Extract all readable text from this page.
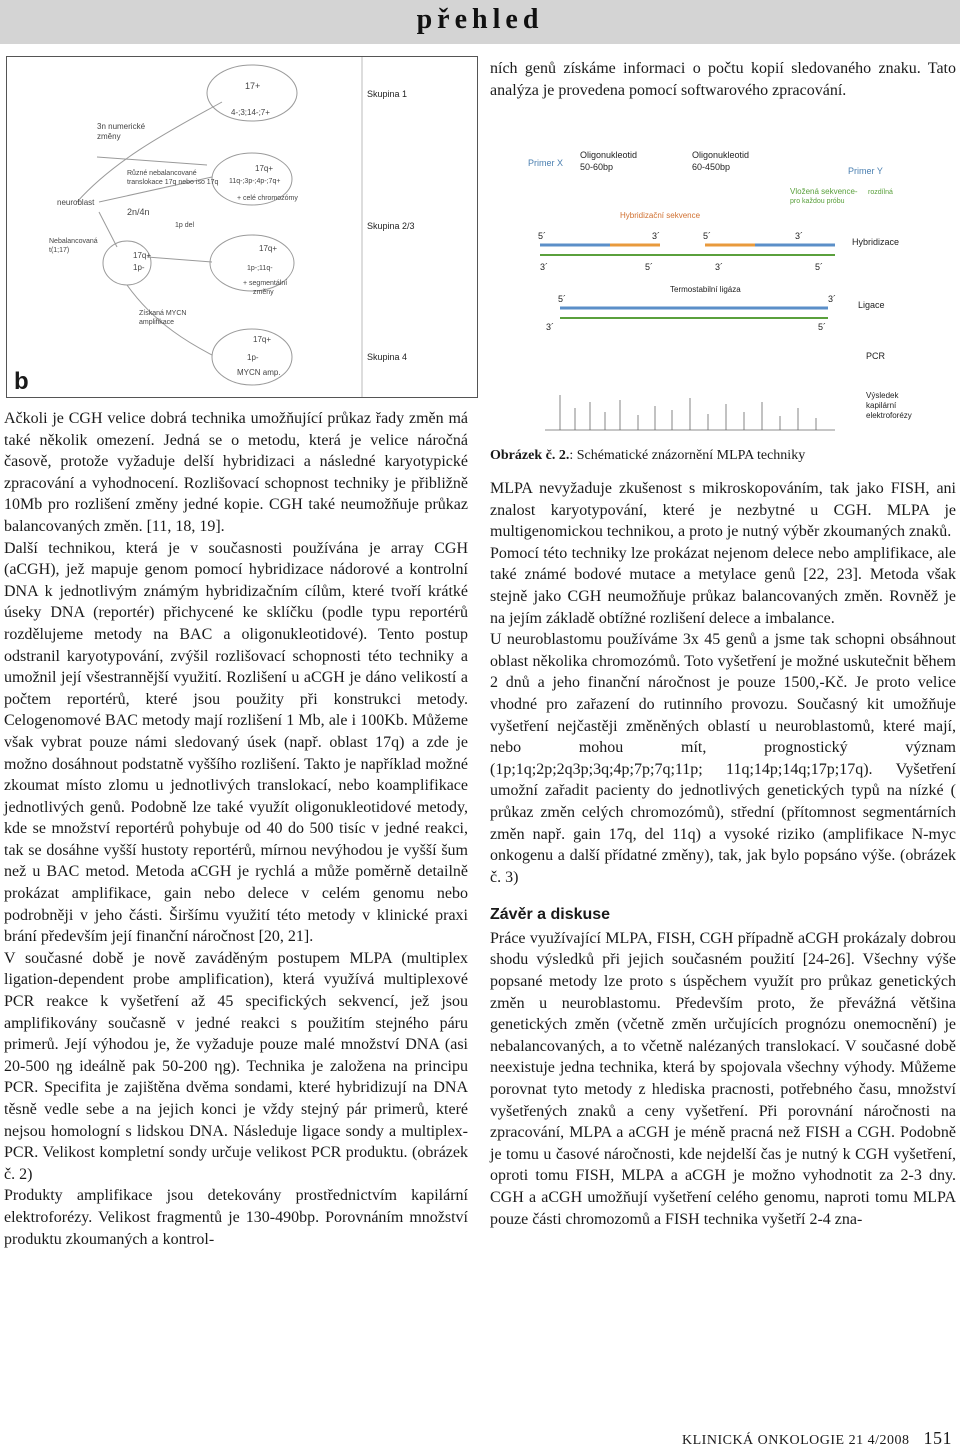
přehled
Skupina 1
Skupina 2/3
Skupina 4
17+
4-;3;14-;7+
3n numerické
změny
neuroblast
Nebalancovaná
t(1;17)
Různé nebalancované
translokace 17q nebo iso 17q
2n/4n
17q+
11q-;3p-;4p-;7q+
+ celé chromozómy
1p del
17q+
1p-
17q+
1p-;11q-
+ segmentální
změny
Získaná MYCN
amplifikace
17q+
1p-
MYCN amp.
b

ních genů získáme informaci o počtu kopií sledovaného znaku. Tato analýza je provedena pomocí softwarového zpracování.

Primer X
Oligonukleotid
50-60bp
Oligonukleotid
60-450bp	Primer Y
Vložená sekvence- rozdílná
pro každou próbu
Hybridizační sekvence
5´	3´	5´	3´
3´	5´	3´	5´
Hybridizace
Termostabilní ligáza
5´	3´
3´	5´
Ligace
PCR
Výsledek
kapilární
elektroforézy
Obrázek č. 2.: Schématické znázornění MLPA techniky

Ačkoli je CGH velice dobrá technika umožňující průkaz řady změn má také několik omezení. Jedná se o metodu, která je velice náročná časově, protože vyžaduje delší hybridizaci a následné karyotypické zpracování a vyhodnocení. Rozlišovací schopnost techniky je přibližně 10Mb pro rozlišení změny jedné kopie. CGH také neumožňuje průkaz balancovaných změn. [11, 18, 19].

Další technikou, která je v současnosti používána je array CGH (aCGH), jež mapuje genom pomocí hybridizace nádorové a kontrolní DNA k jednotlivým známým hybridizačním cílům, které tvoří krátké úseky DNA (reportér) přichycené ke sklíčku (podle typu reportérů rozdělujeme metody na BAC a oligonukleotidové). Tento postup odstranil karyotypování, zvýšil rozlišovací schopnosti této techniky a umožnil její všestrannější využití. Rozlišení u aCGH je dáno velikostí a počtem reportérů, které jsou použity při konstrukci metody. Celogenomové BAC metody mají rozlišení 1 Mb, ale i 100Kb. Můžeme však vybrat pouze námi sledovaný úsek (např. oblast 17q) a zde je možno dosáhnout podstatně vyššího rozlišení. Takto je například možné zkoumat místo zlomu u jednotlivých translokací, nebo koamplifikace jednotlivých genů. Podobně lze také využít oligonukleotidové metody, kde se množství reportérů pohybuje od 40 do 500 tisíc v jedné reakci, tak se dosáhne vyšší hustoty reportérů, mírnou nevýhodou je vyšší šum než u BAC metod. Metoda aCGH je rychlá a může poměrně detailně prokázat amplifikace, gain nebo delece v celém genomu nebo podrobněji v jeho části. Širšímu využití této metody v klinické praxi brání především její finanční náročnost [20, 21].

V současné době je nově zaváděným postupem MLPA (multiplex ligation-dependent probe amplification), která využívá multiplexové PCR reakce k vyšetření až 45 specifických sekvencí, jež jsou amplifikovány současně v jedné reakci s použitím stejného páru primerů. Její výhodou je, že vyžaduje pouze malé množství DNA (asi 20-500 ηg ideálně pak 50-200 ηg). Technika je založena na principu PCR. Specifita je zajištěna dvěma sondami, které hybridizují na DNA těsně vedle sebe a na jejich konci je vždy stejný pár primerů, které nejsou homologní s lidskou DNA. Následuje ligace sondy a multiplex-PCR. Velikost kompletní sondy určuje velikost PCR produktu. (obrázek č. 2)

Produkty amplifikace jsou detekovány prostřednictvím kapilární elektroforézy. Velikost fragmentů je 130-490bp. Porovnáním množství produktu zkoumaných a kontrol-

MLPA nevyžaduje zkušenost s mikroskopováním, tak jako FISH, ani znalost karyotypování, které je nezbytné u CGH. MLPA je multigenomickou technikou, a proto je nutný výběr zkoumaných znaků.

Pomocí této techniky lze prokázat nejenom delece nebo amplifikace, ale také známé bodové mutace a metylace genů [22, 23]. Metoda však stejně jako CGH neumožňuje průkaz balancovaných změn. Rovněž je na jejím základě obtížné rozlišení delece a imbalance.

U neuroblastomu používáme 3x 45 genů a jsme tak schopni obsáhnout oblast několika chromozómů. Toto vyšetření je možné uskutečnit během 2 dnů a jeho finanční náročnost je pouze 1500,-Kč. Je proto velice vhodné pro zařazení do rutinního provozu. Současný kit umožňuje vyšetření nejčastěji změněných oblastí u neuroblastomů, které mají, nebo mohou mít, prognostický význam (1p;1q;2p;2q3p;3q;4p;7p;7q;11p; 11q;14p;14q;17p;17q). Vyšetření umožní zařadit pacienty do jednotlivých genetických typů na nízké ( průkaz změn celých chromozómů), střední (přítomnost segmentárních změn např. gain 17q, del 11q) a vysoké riziko (amplifikace N-myc onkogenu a další přídatné změny), tak, jak bylo popsáno výše. (obrázek č. 3)

Závěr a diskuse

Práce využívající MLPA, FISH, CGH případně aCGH prokázaly dobrou shodu výsledků při jejich současném použití [24-26]. Všechny výše popsané metody lze proto s úspěchem využít pro průkaz genetických změn u neuroblastomu. Především proto, že převážná většina genetických změn (včetně změn určujících prognózu onemocnění) je nebalancovaných, a to včetně nalézaných translokací. V současné době neexistuje jedna technika, která by spojovala všechny výhody. Můžeme porovnat tyto metody z hlediska pracnosti, potřebného času, množství vyšetřených znaků a ceny vyšetření. Při porovnání náročnosti na zpracování, MLPA a aCGH je méně pracná než FISH a CGH. Podobně je tomu u časové náročnosti, kde nejdelší čas je nutný k CGH vyšetření, oproti tomu FISH, MLPA a aCGH je možno vyhodnotit za 2-3 dny. CGH a aCGH umožňují vyšetření celého genomu, naproti tomu MLPA pouze části chromozomů a FISH technika vyšetří 2-4 zna-

KLINICKÁ ONKOLOGIE 21 4/2008 151
